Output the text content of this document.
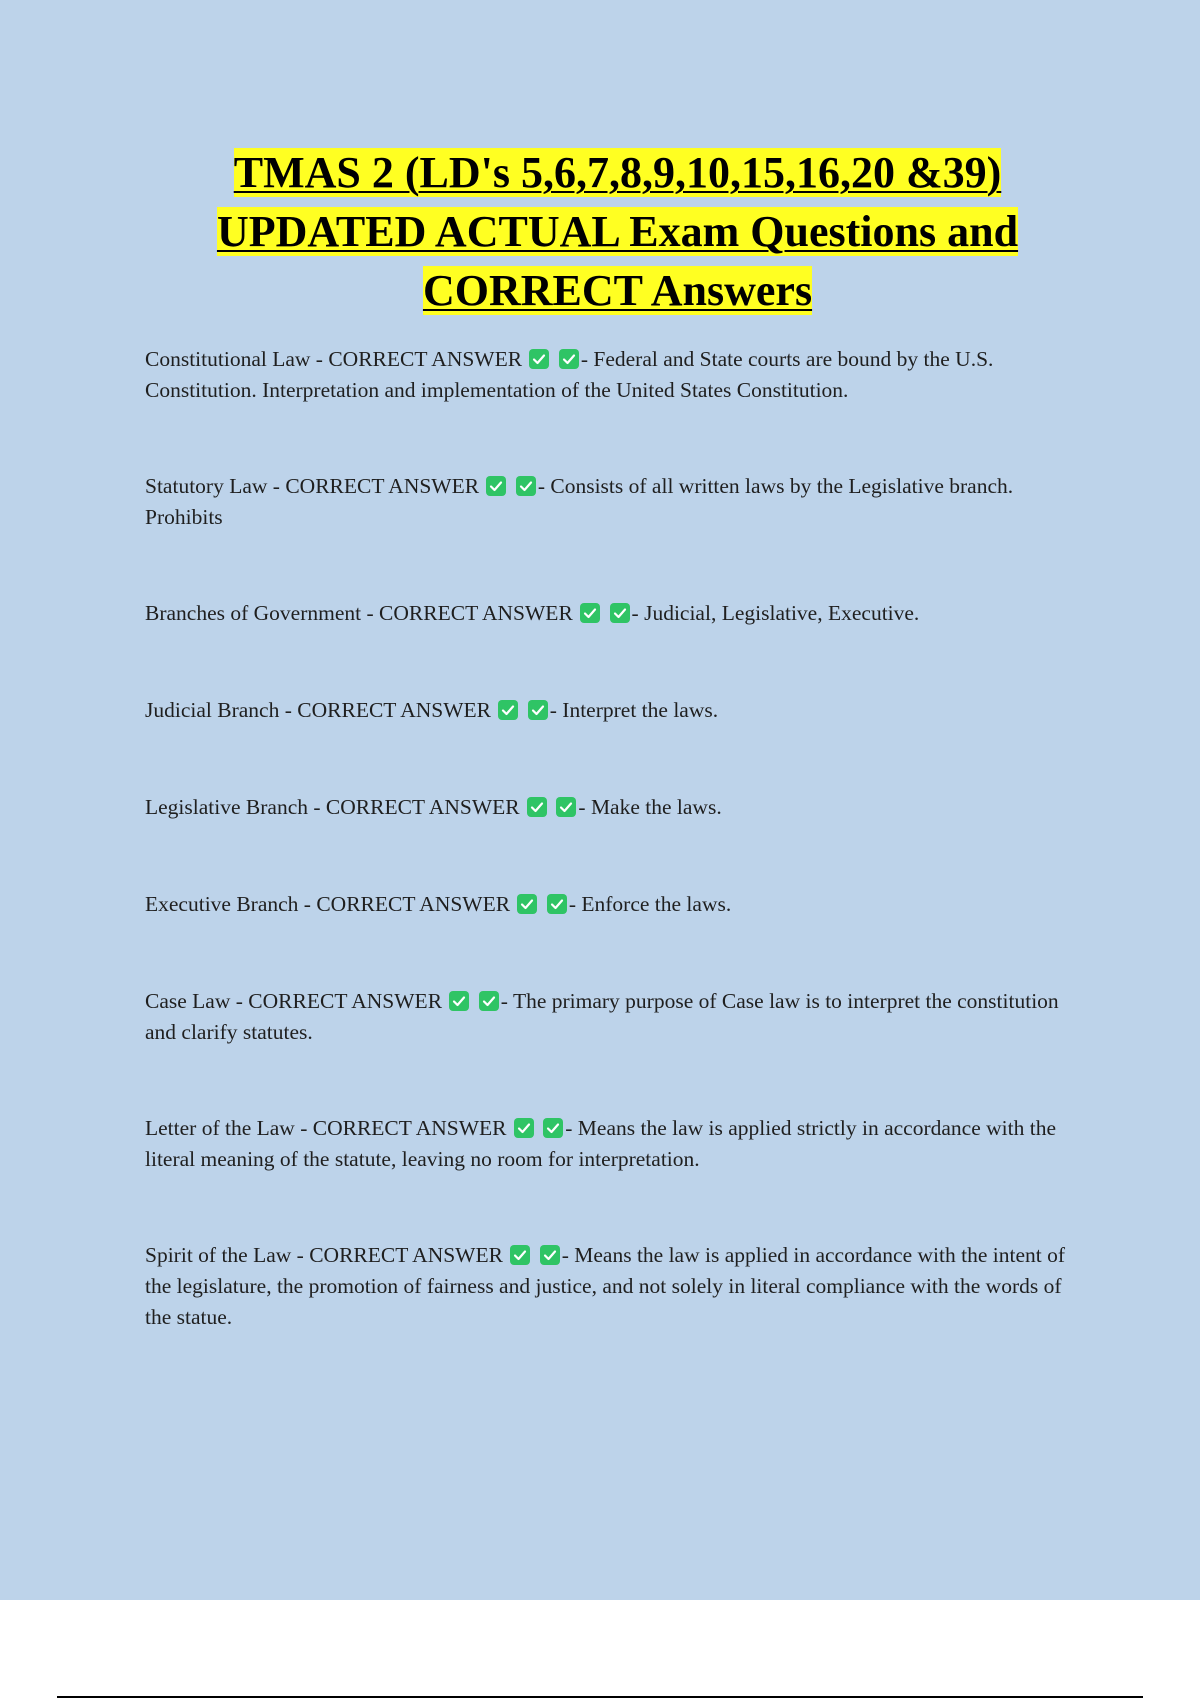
TMAS 2 (LD's 5,6,7,8,9,10,15,16,20 &39)
UPDATED ACTUAL Exam Questions and
CORRECT Answers

Constitutional Law - CORRECT ANSWER
	- Federal and State courts are bound by the U.S. Constitution. Interpretation and implementation of the United States Constitution.

Statutory Law - CORRECT ANSWER
	- Consists of all written laws by the Legislative branch. Prohibits

Branches of Government - CORRECT ANSWER
	- Judicial, Legislative, Executive.

Judicial Branch - CORRECT ANSWER
	- Interpret the laws.

Legislative Branch - CORRECT ANSWER
	- Make the laws.

Executive Branch - CORRECT ANSWER
	- Enforce the laws.

Case Law - CORRECT ANSWER
	- The primary purpose of Case law is to interpret the constitution and clarify statutes.

Letter of the Law - CORRECT ANSWER
	- Means the law is applied strictly in accordance with the literal meaning of the statute, leaving no room for interpretation.

Spirit of the Law - CORRECT ANSWER
	- Means the law is applied in accordance with the intent of the legislature, the promotion of fairness and justice, and not solely in literal compliance with the words of the statue.
